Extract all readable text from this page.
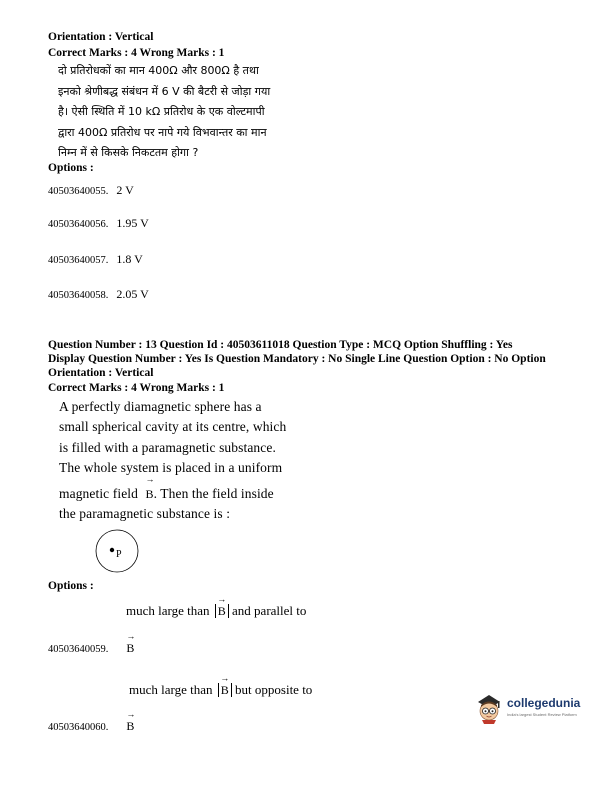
Orientation : Vertical
Correct Marks : 4 Wrong Marks : 1
दो प्रतिरोधकों का मान 400Ω और 800Ω है तथा
इनको श्रेणीबद्ध संबंधन में 6 V की बैटरी से जोड़ा गया
है। ऐसी स्थिति में 10 kΩ प्रतिरोध के एक वोल्टमापी
द्वारा 400Ω प्रतिरोध पर नापे गये विभवान्तर का मान
निम्न में से किसके निकटतम होगा ?
Options :
40503640055. 2 V
40503640056. 1.95 V
40503640057. 1.8 V
40503640058. 2.05 V
Question Number : 13 Question Id : 40503611018 Question Type : MCQ Option Shuffling : Yes
Display Question Number : Yes Is Question Mandatory : No Single Line Question Option : No Option
Orientation : Vertical
Correct Marks : 4 Wrong Marks : 1
A perfectly diamagnetic sphere has a
small spherical cavity at its centre, which
is filled with a paramagnetic substance.
The whole system is placed in a uniform
magnetic field
→
B. Then the field inside
the paramagnetic substance is :
P
Options :
much large than
→
B and parallel to
40503640059.
→
B
much large than
→
B but opposite to
40503640060.
→
B
collegedunia
India's largest Student Review Platform
